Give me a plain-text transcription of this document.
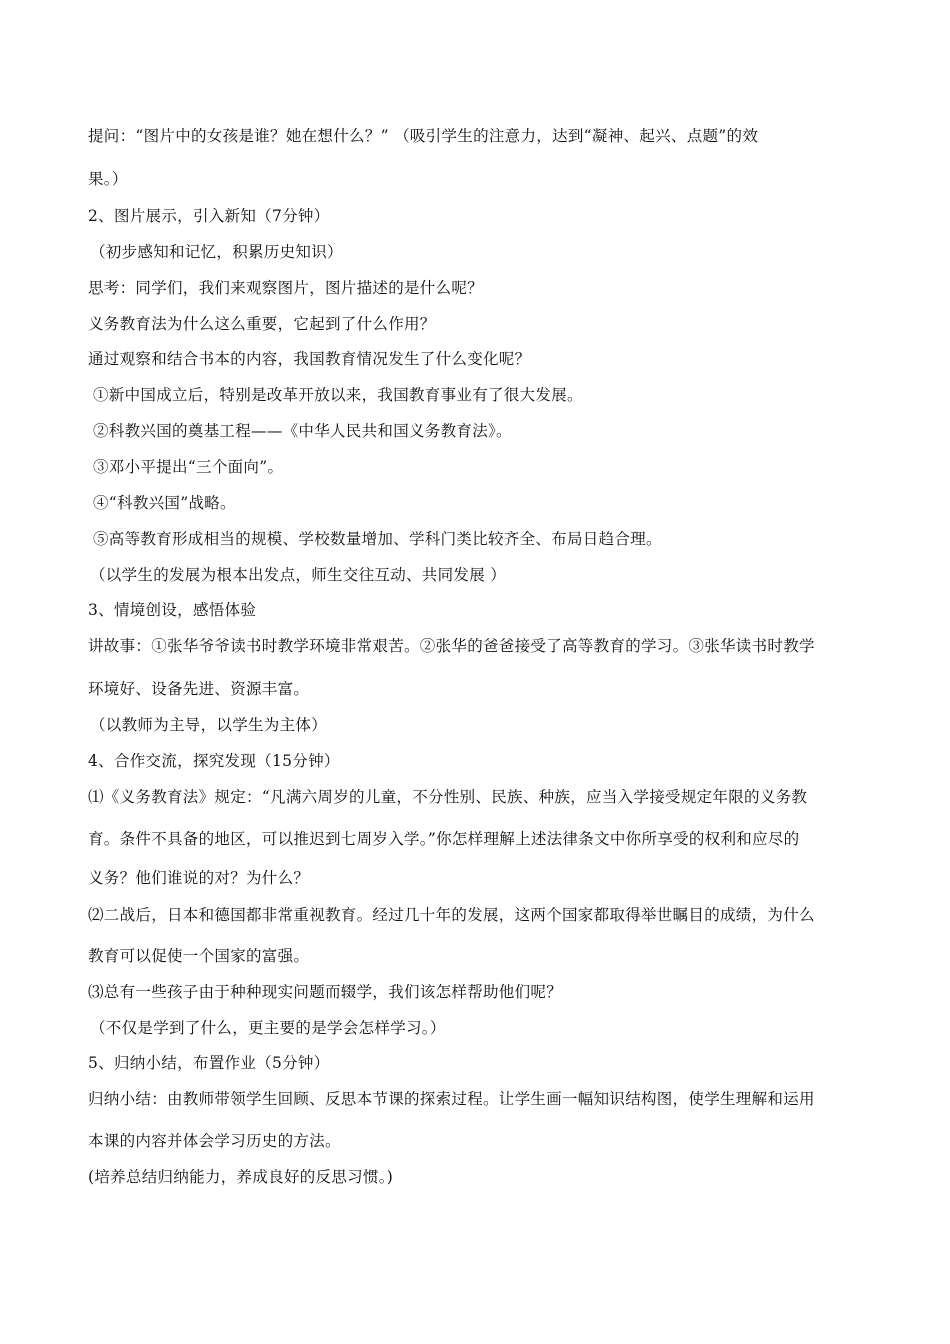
提问：“图片中的女孩是谁？她在想什么？” （吸引学生的注意力，达到“凝神、起兴、点题”的效
果。）
2、图片展示，引入新知（7分钟）
（初步感知和记忆，积累历史知识）
思考：同学们，我们来观察图片，图片描述的是什么呢？
义务教育法为什么这么重要，它起到了什么作用？
通过观察和结合书本的内容，我国教育情况发生了什么变化呢？
①新中国成立后，特别是改革开放以来，我国教育事业有了很大发展。
②科教兴国的奠基工程——《中华人民共和国义务教育法》。
③邓小平提出“三个面向”。
④“科教兴国”战略。
⑤高等教育形成相当的规模、学校数量增加、学科门类比较齐全、布局日趋合理。
（以学生的发展为根本出发点，师生交往互动、共同发展 ）
3、情境创设，感悟体验
讲故事：①张华爷爷读书时教学环境非常艰苦。②张华的爸爸接受了高等教育的学习。③张华读书时教学
环境好、设备先进、资源丰富。
（以教师为主导，以学生为主体）
4、合作交流，探究发现（15分钟）
⑴《义务教育法》规定：“凡满六周岁的儿童，不分性别、民族、种族，应当入学接受规定年限的义务教
育。条件不具备的地区，可以推迟到七周岁入学。”你怎样理解上述法律条文中你所享受的权利和应尽的
义务？他们谁说的对？为什么？
⑵二战后，日本和德国都非常重视教育。经过几十年的发展，这两个国家都取得举世瞩目的成绩，为什么
教育可以促使一个国家的富强。
⑶总有一些孩子由于种种现实问题而辍学，我们该怎样帮助他们呢？
（不仅是学到了什么，更主要的是学会怎样学习。）
5、归纳小结，布置作业（5分钟）
归纳小结：由教师带领学生回顾、反思本节课的探索过程。让学生画一幅知识结构图，使学生理解和运用
本课的内容并体会学习历史的方法。
(培养总结归纳能力，养成良好的反思习惯。)
